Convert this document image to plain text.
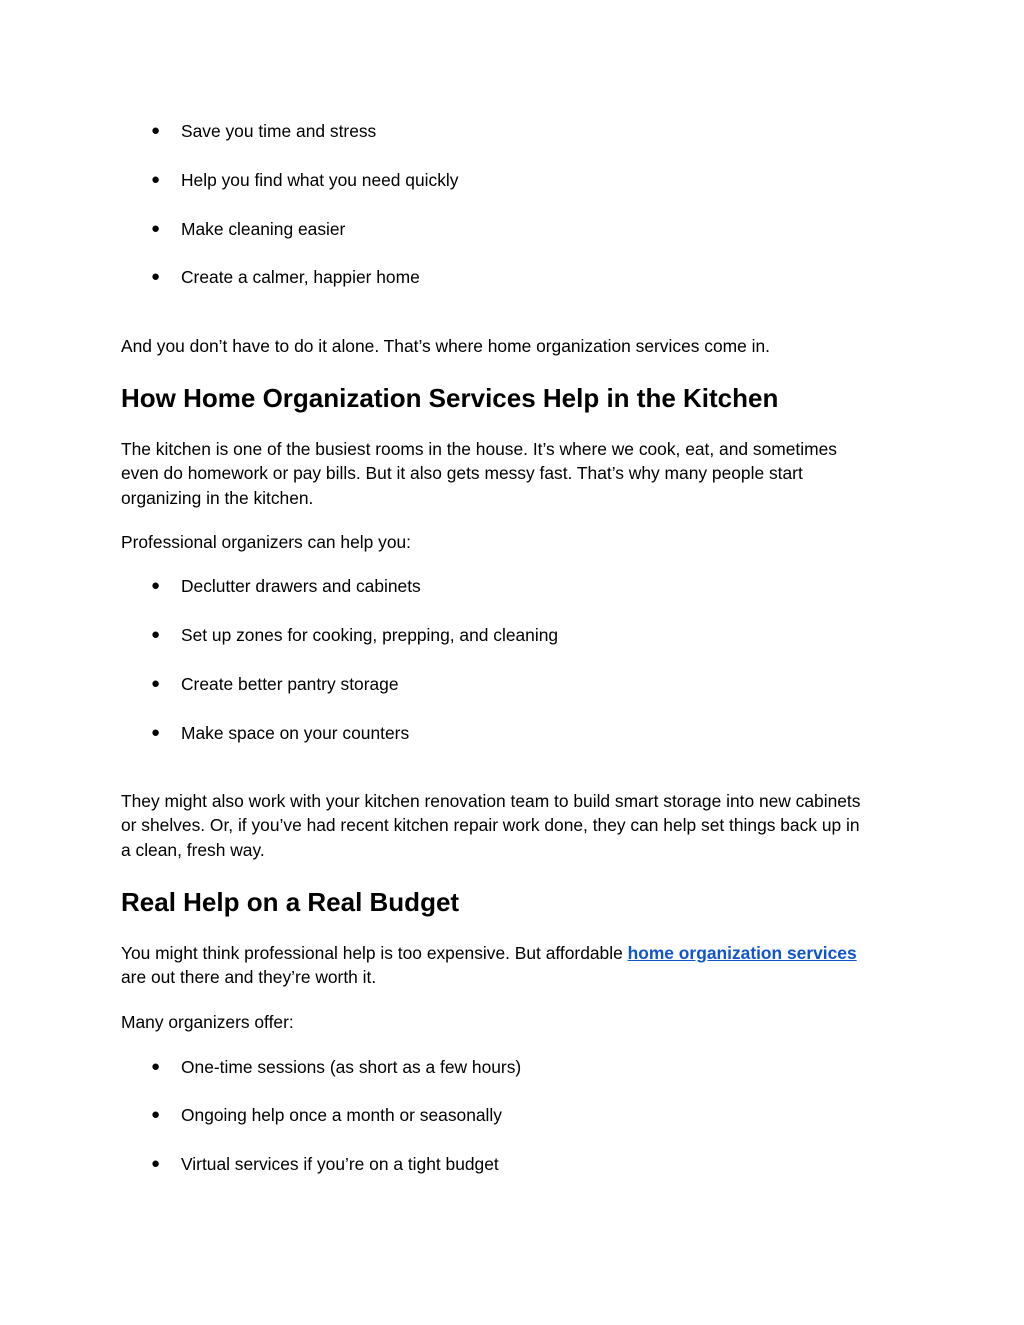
● Save you time and stress
● Help you find what you need quickly
● Make cleaning easier
● Create a calmer, happier home

And you don’t have to do it alone. That’s where home organization services come in.

How Home Organization Services Help in the Kitchen
The kitchen is one of the busiest rooms in the house. It’s where we cook, eat, and sometimes
even do homework or pay bills. But it also gets messy fast. That’s why many people start
organizing in the kitchen.

Professional organizers can help you:

● Declutter drawers and cabinets
● Set up zones for cooking, prepping, and cleaning
● Create better pantry storage
● Make space on your counters
They might also work with your kitchen renovation team to build smart storage into new cabinets
or shelves. Or, if you’ve had recent kitchen repair work done, they can help set things back up in
a clean, fresh way.
Real Help on a Real Budget
You might think professional help is too expensive. But affordable home organization services
are out there and they’re worth it.

Many organizers offer:

● One-time sessions (as short as a few hours)
● Ongoing help once a month or seasonally
● Virtual services if you’re on a tight budget
